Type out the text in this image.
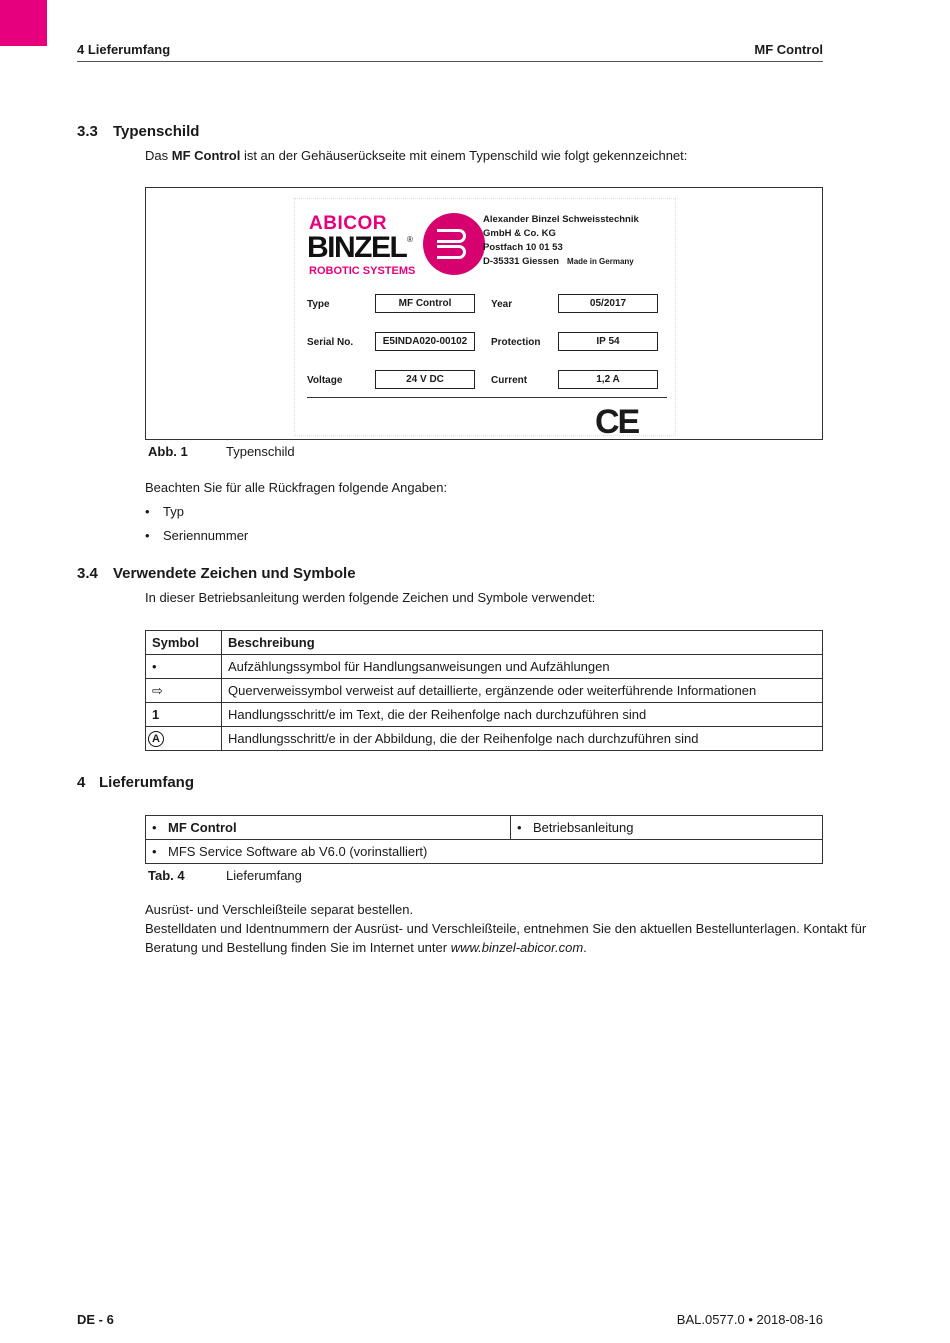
4 Lieferumfang	MF Control
3.3 Typenschild
Das MF Control ist an der Gehäuserückseite mit einem Typenschild wie folgt gekennzeichnet:
ABICOR
BINZEL ®
ROBOTIC SYSTEMS
Alexander Binzel Schweisstechnik
GmbH & Co. KG
Postfach 10 01 53
D-35331 Giessen Made in Germany
Type	MF Control	Year	05/2017
Serial No.	E5INDA020-00102	Protection	IP 54
Voltage	24 V DC	Current	1,2 A
CE
Abb. 1	Typenschild
Beachten Sie für alle Rückfragen folgende Angaben:
• Typ
• Seriennummer
3.4 Verwendete Zeichen und Symbole
In dieser Betriebsanleitung werden folgende Zeichen und Symbole verwendet:
Symbol	Beschreibung
•	Aufzählungssymbol für Handlungsanweisungen und Aufzählungen
⇨	Querverweissymbol verweist auf detaillierte, ergänzende oder weiterführende Informationen
1	Handlungsschritt/e im Text, die der Reihenfolge nach durchzuführen sind
A	Handlungsschritt/e in der Abbildung, die der Reihenfolge nach durchzuführen sind
4 Lieferumfang
• MF Control	• Betriebsanleitung
• MFS Service Software ab V6.0 (vorinstalliert)
Tab. 4	Lieferumfang
Ausrüst- und Verschleißteile separat bestellen.
Bestelldaten und Identnummern der Ausrüst- und Verschleißteile, entnehmen Sie den aktuellen Bestellunterlagen. Kontakt für
Beratung und Bestellung finden Sie im Internet unter www.binzel-abicor.com.
DE - 6	BAL.0577.0 • 2018-08-16
